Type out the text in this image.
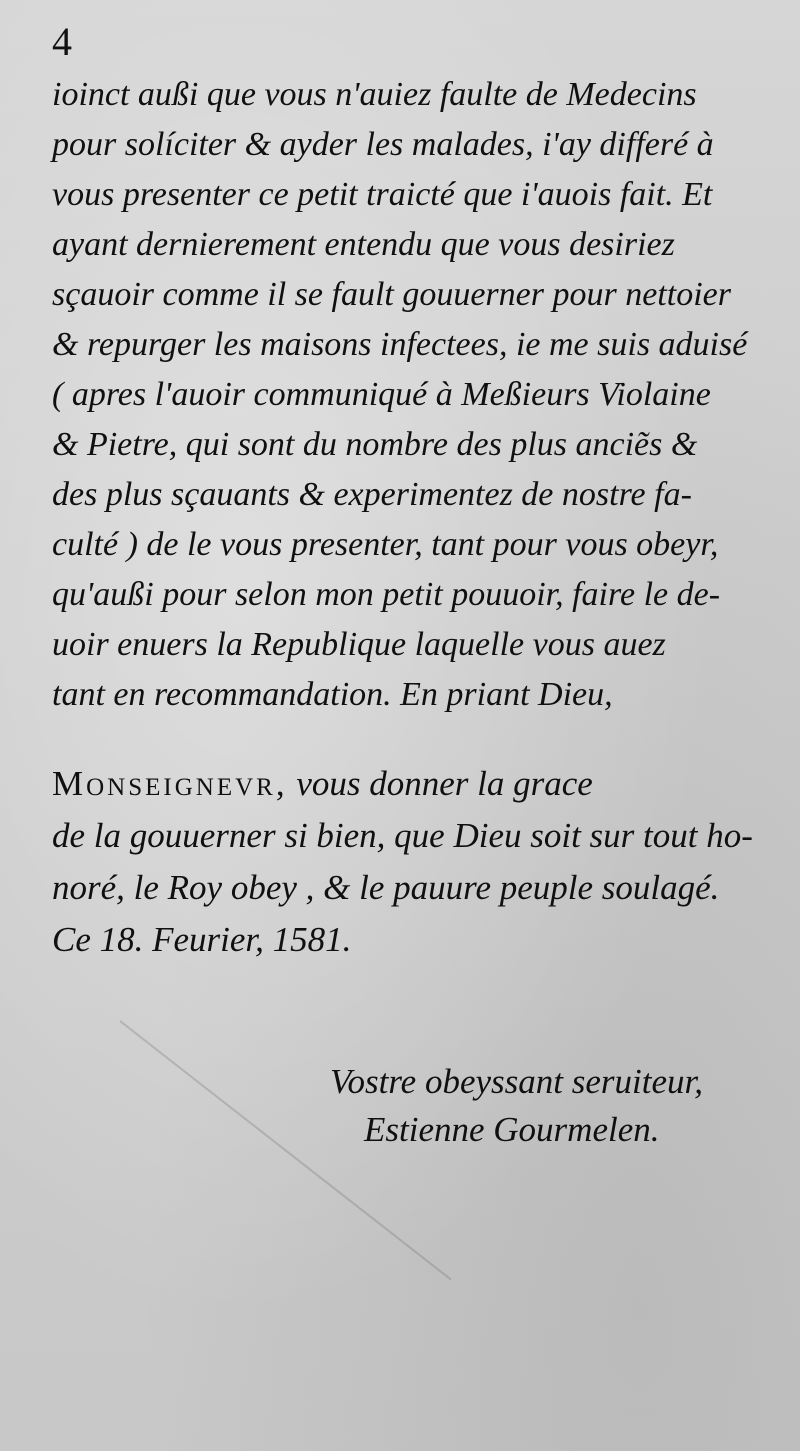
4
ioinct außi que vous n'auiez faulte de Medecins
pour solíciter & ayder les malades, i'ay differé à
vous presenter ce petit traicté que i'auois fait. Et
ayant dernierement entendu que vous desiriez
sçauoir comme il se fault gouuerner pour nettoier
& repurger les maisons infectees, ie me suis aduisé
( apres l'auoir communiqué à Meßieurs Violaine
& Pietre, qui sont du nombre des plus anciẽs &
des plus sçauants & experimentez de nostre fa-
culté ) de le vous presenter, tant pour vous obeyr,
qu'außi pour selon mon petit pouuoir, faire le de-
uoir enuers la Republique laquelle vous auez
tant en recommandation. En priant Dieu,
Monseignevr, vous donner la grace
de la gouuerner si bien, que Dieu soit sur tout ho-
noré, le Roy obey , & le pauure peuple soulagé.
Ce 18. Feurier, 1581.
Vostre obeyssant seruiteur,
Estienne Gourmelen.
